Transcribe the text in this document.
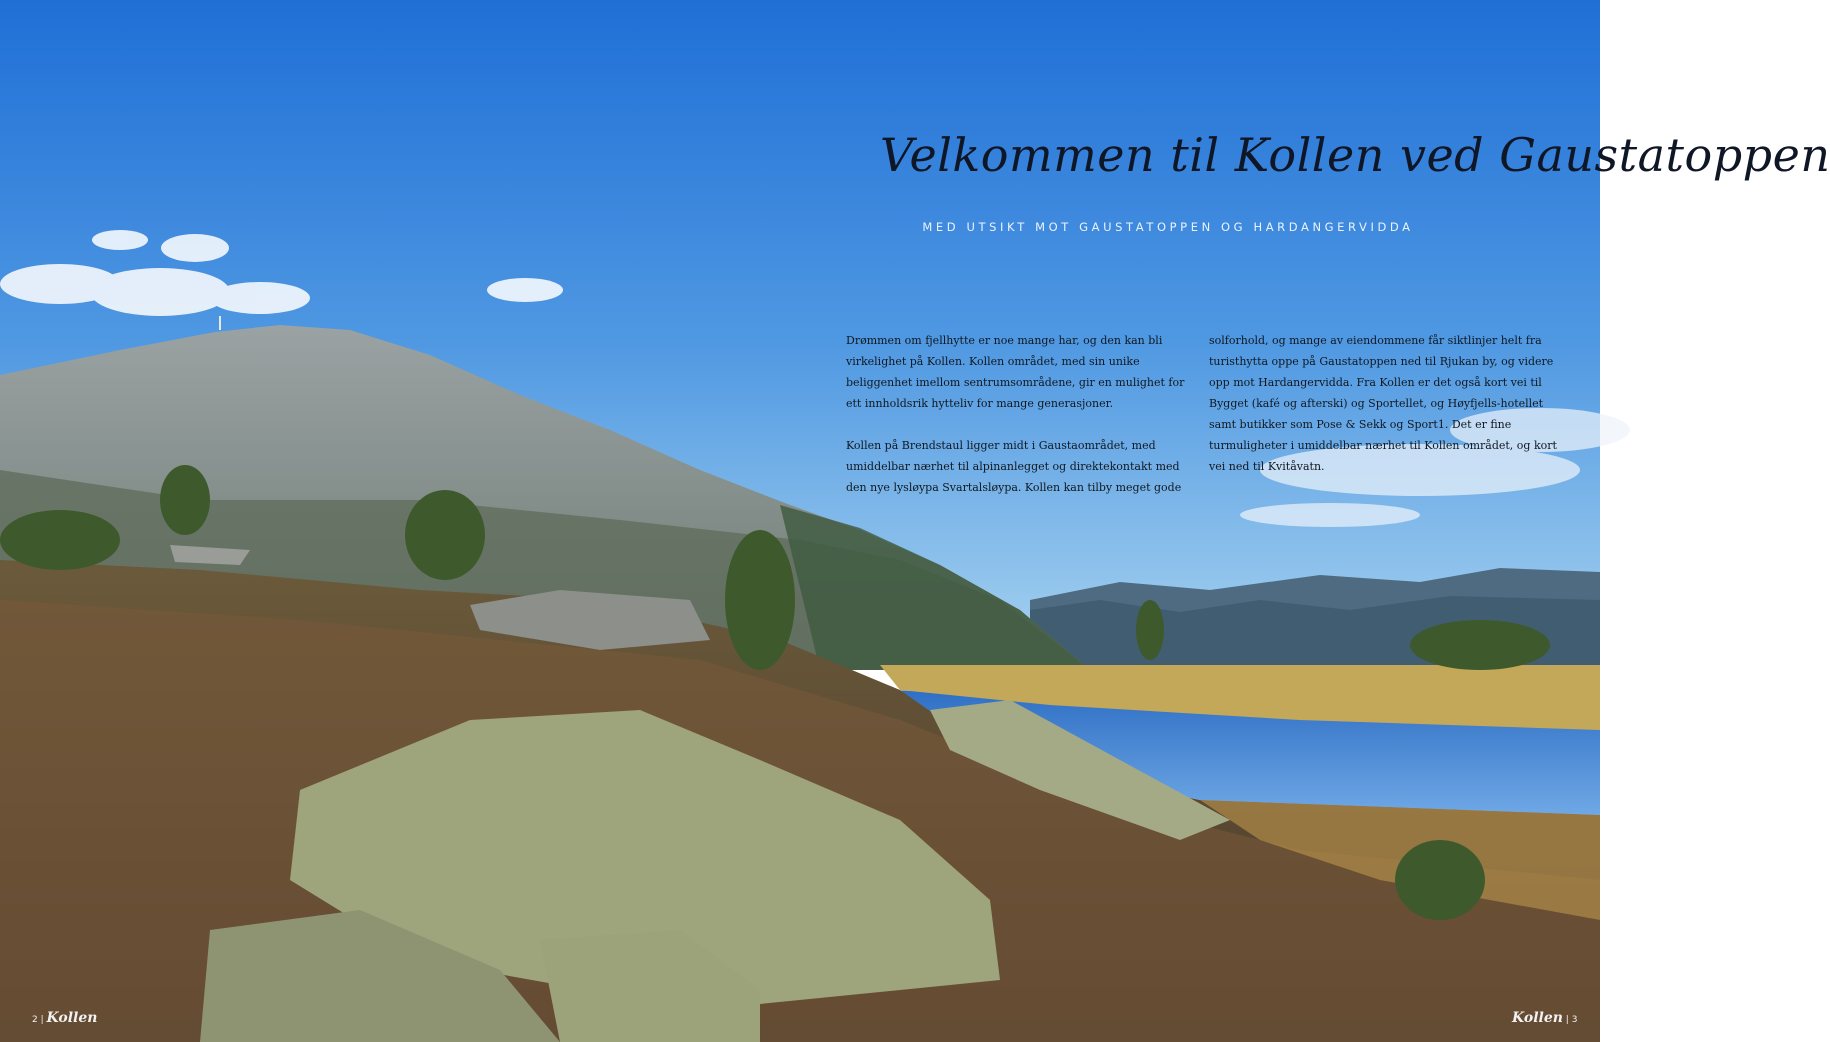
Velkommen til Kollen ved Gaustatoppen
MED UTSIKT MOT GAUSTATOPPEN OG HARDANGERVIDDA

Drømmen om fjellhytte er noe mange har, og den kan bli virkelighet på Kollen. Kollen området, med sin unike beliggenhet imellom sentrumsområdene, gir en mulighet for ett innholdsrik hytteliv for mange generasjoner.

Kollen på Brendstaul ligger midt i Gaustaområdet, med umiddelbar nærhet til alpinanlegget og direktekontakt med den nye lysløypa Svartalsløypa. Kollen kan tilby meget gode

solforhold, og mange av eiendommene får siktlinjer helt fra turisthytta oppe på Gaustatoppen ned til Rjukan by, og videre opp mot Hardangervidda. Fra Kollen er det også kort vei til Bygget (kafé og afterski) og Sportellet, og Høyfjells-hotellet samt butikker som Pose & Sekk og Sport1. Det er fine turmuligheter i umiddelbar nærhet til Kollen området, og kort vei ned til Kvitåvatn.

2 | Kollen	Kollen | 3
